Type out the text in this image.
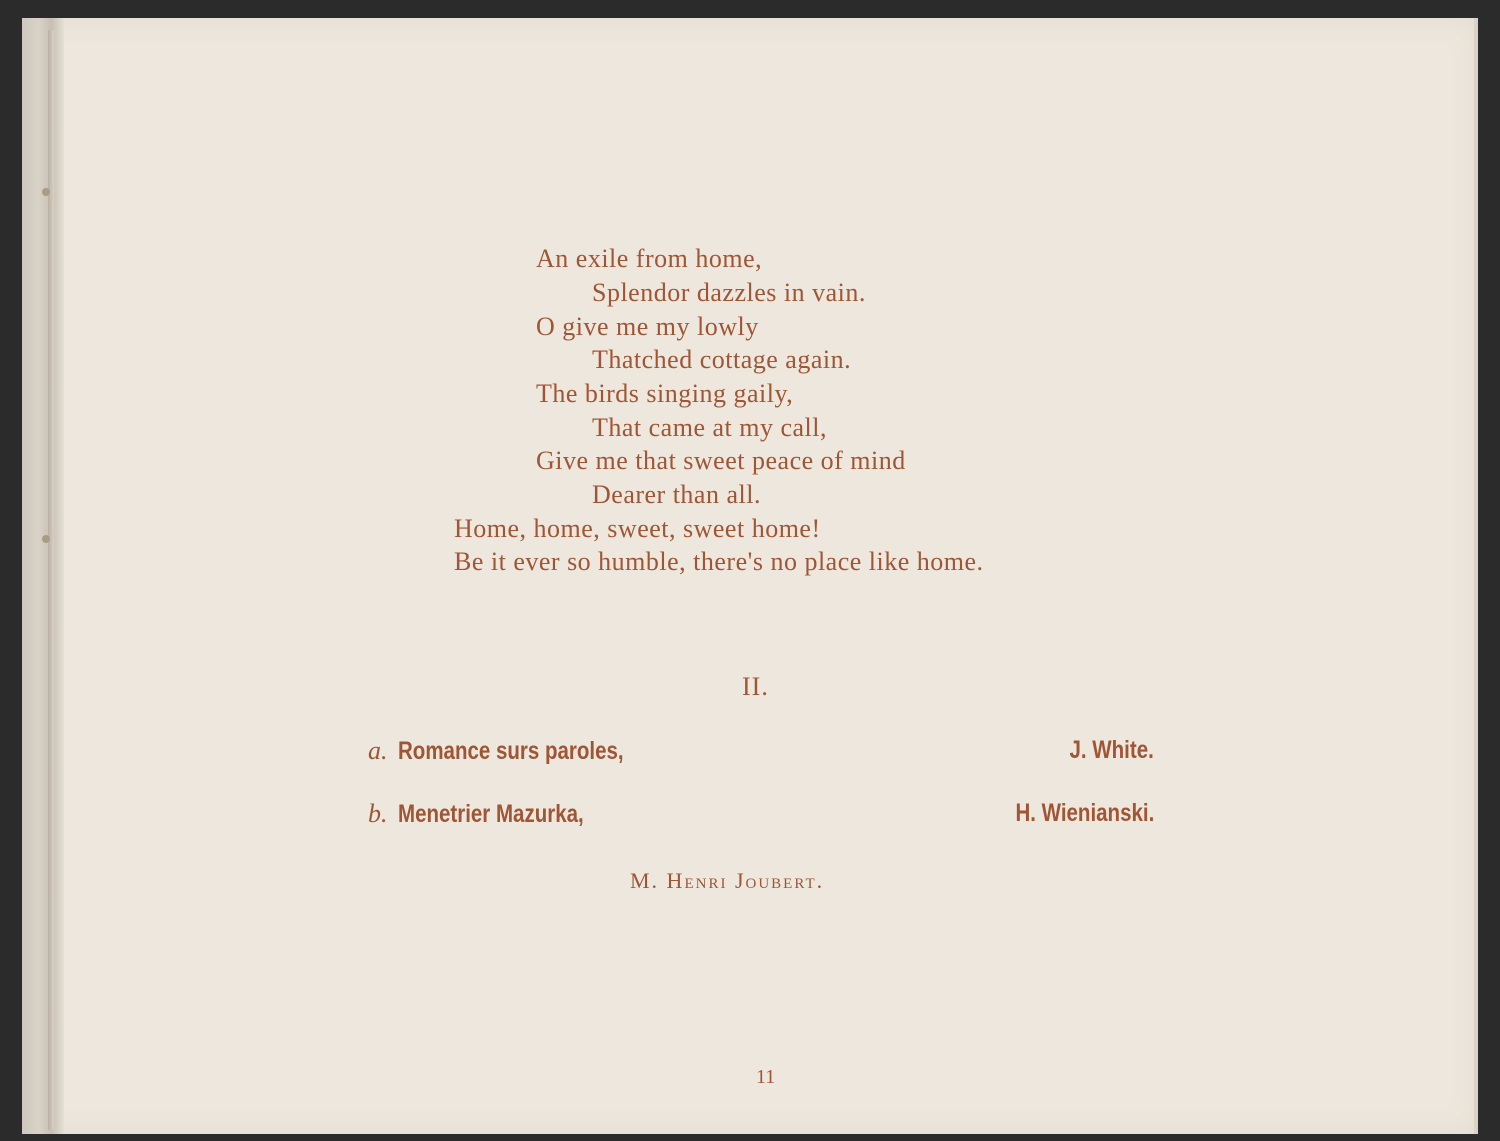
An exile from home,
Splendor dazzles in vain.
O give me my lowly
Thatched cottage again.
The birds singing gaily,
That came at my call,
Give me that sweet peace of mind
Dearer than all.
Home, home, sweet, sweet home!
Be it ever so humble, there's no place like home.
II.
a. Romance surs paroles,	J. White.
b. Menetrier Mazurka,	H. Wienianski.
M. Henri Joubert.
11
